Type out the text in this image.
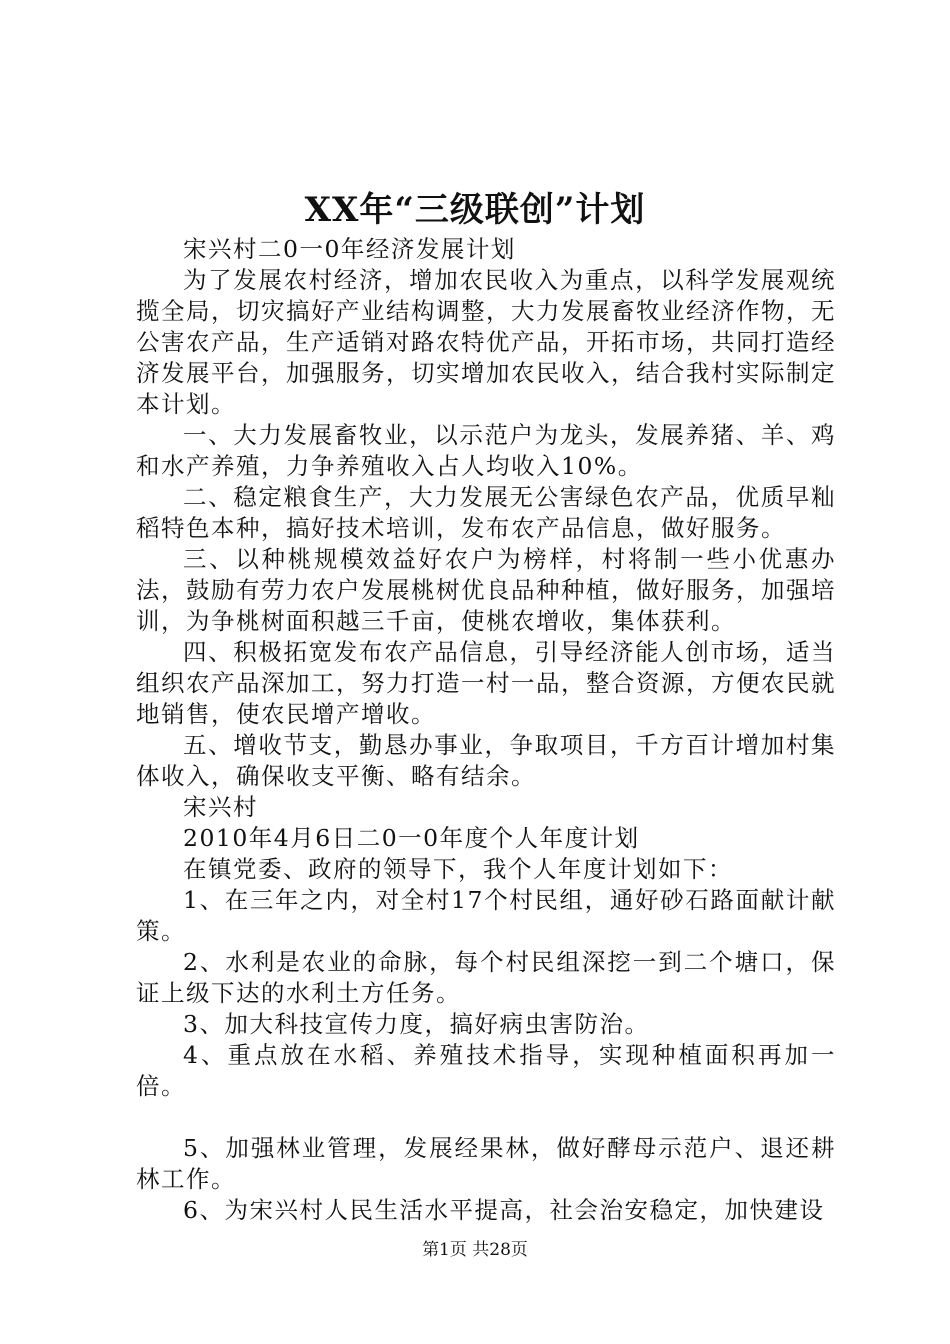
XX年“三级联创”计划

宋兴村二0一0年经济发展计划

为了发展农村经济，增加农民收入为重点，以科学发展观统揽全局，切灾搞好产业结构调整，大力发展畜牧业经济作物，无公害农产品，生产适销对路农特优产品，开拓市场，共同打造经济发展平台，加强服务，切实增加农民收入，结合我村实际制定本计划。

一、大力发展畜牧业，以示范户为龙头，发展养猪、羊、鸡和水产养殖，力争养殖收入占人均收入10%。

二、稳定粮食生产，大力发展无公害绿色农产品，优质早籼稻特色本种，搞好技术培训，发布农产品信息，做好服务。

三、以种桃规模效益好农户为榜样，村将制一些小优惠办法，鼓励有劳力农户发展桃树优良品种种植，做好服务，加强培训，为争桃树面积越三千亩，使桃农增收，集体获利。

四、积极拓宽发布农产品信息，引导经济能人创市场，适当组织农产品深加工，努力打造一村一品，整合资源，方便农民就地销售，使农民增产增收。

五、增收节支，勤恳办事业，争取项目，千方百计增加村集体收入，确保收支平衡、略有结余。

宋兴村

2010年4月6日二0一0年度个人年度计划

在镇党委、政府的领导下，我个人年度计划如下：

1、在三年之内，对全村17个村民组，通好砂石路面献计献策。

2、水利是农业的命脉，每个村民组深挖一到二个塘口，保证上级下达的水利土方任务。

3、加大科技宣传力度，搞好病虫害防治。

4、重点放在水稻、养殖技术指导，实现种植面积再加一倍。

5、加强林业管理，发展经果林，做好酵母示范户、退还耕林工作。

6、为宋兴村人民生活水平提高，社会治安稳定，加快建设

第1页 共28页
